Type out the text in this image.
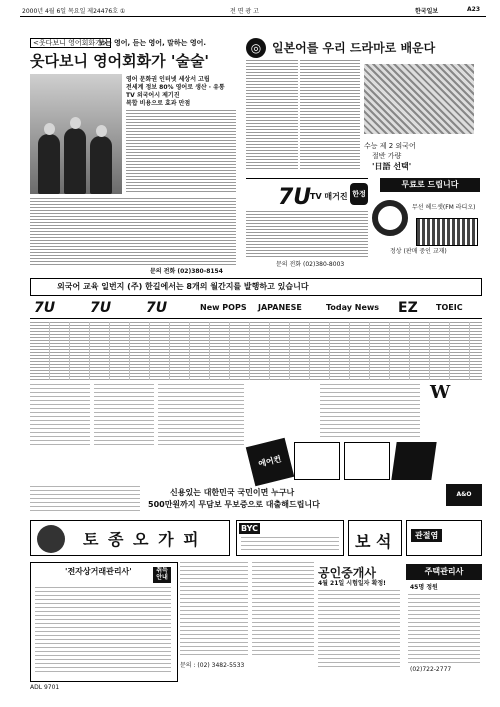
2000년 4월 6일 목요일 제24476호 ①	전 면 광 고	한국일보	A23
<웃다보니 영어회화가>
보는 영어, 듣는 영어, 말하는 영어.
웃다보니 영어회화가 '술술'
영어 문화권 인터넷 세상서 고립
전세계 정보 80% 영어로 생산 · 유통
TV 외국어시 제기진
복합 비용으로 효과 만점
문의 전화 (02)380-8154
◎ 일본어를 우리 드라마로 배운다
수능 제 2 외국어
절반 가량
'日語 선택'
7U
TV 매거진 한정
문의 전화 (02)380-8003
무료로 드립니다
무선 헤드셋(FM 라디오)
정상 (판매 중인 교재)
외국어 교육 일번지 (주) 한길에서는 8개의 월간지를 발행하고 있습니다
7U 7U 7U	New POPS JAPANESE	Today News EZ TOEIC
W
에어컨
A&O
신용있는 대한민국 국민이면 누구나
500만원까지 무담보 무보증으로 대출해드립니다
토 종 오 가 피
BYC
보 석	관절염
'전자상거래관리사'	취득 안내
문의 : (02) 3482-5533
공인중개사
4월 21일 시험일자 확정!
주택관리사
45명 정원
(02)722-2777
ADL 9701
